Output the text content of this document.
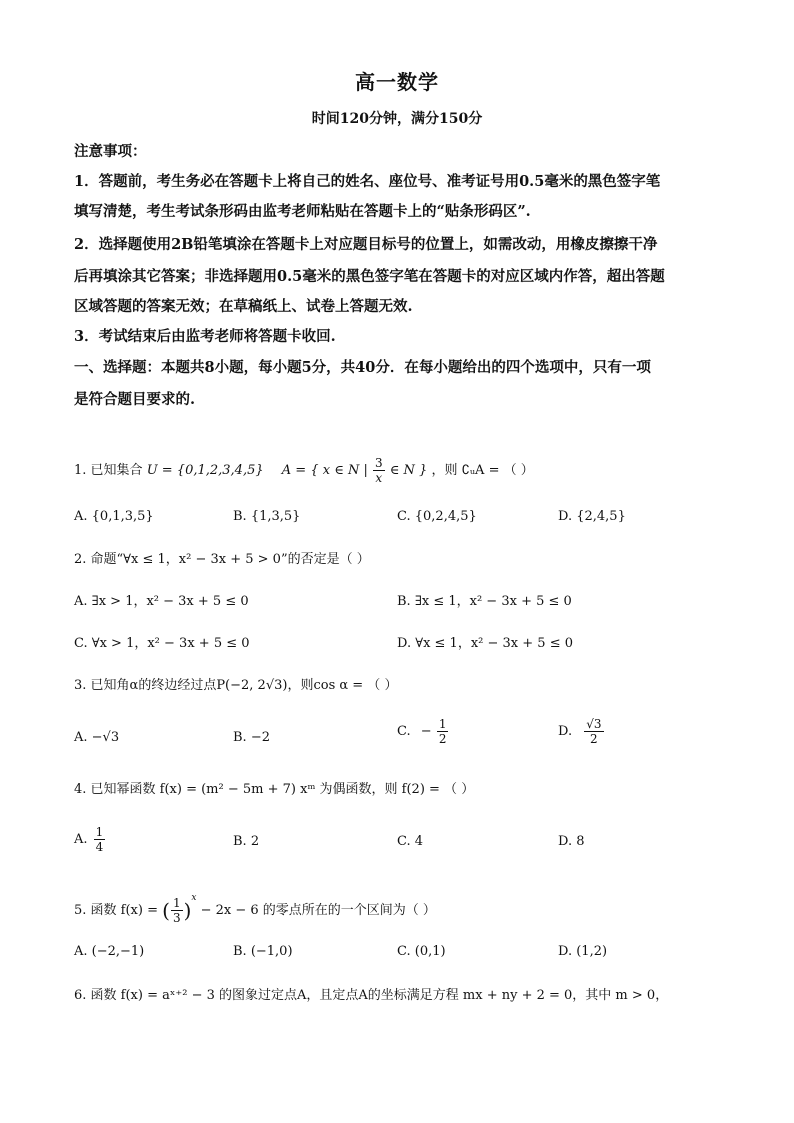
高一数学
时间120分钟，满分150分
注意事项：
1．答题前，考生务必在答题卡上将自己的姓名、座位号、准考证号用0.5毫米的黑色签字笔
填写清楚，考生考试条形码由监考老师粘贴在答题卡上的“贴条形码区”.
2．选择题使用2B铅笔填涂在答题卡上对应题目标号的位置上，如需改动，用橡皮擦擦干净
后再填涂其它答案；非选择题用0.5毫米的黑色签字笔在答题卡的对应区域内作答，超出答题
区域答题的答案无效；在草稿纸上、试卷上答题无效.
3．考试结束后由监考老师将答题卡收回.
一、选择题：本题共8小题，每小题5分，共40分．在每小题给出的四个选项中，只有一项
是符合题目要求的.
1. 已知集合 U = {0,1,2,3,4,5} A = { x ∈ N | $\frac{3}{x}$ ∈ N } ，则 ∁ᵤA = （ ）
A. {0,1,3,5}	B. {1,3,5}	C. {0,2,4,5}	D. {2,4,5}
2. 命题“∀x ≤ 1，x² − 3x + 5 > 0”的否定是（ ）
A. ∃x > 1，x² − 3x + 5 ≤ 0	B. ∃x ≤ 1，x² − 3x + 5 ≤ 0
C. ∀x > 1，x² − 3x + 5 ≤ 0	D. ∀x ≤ 1，x² − 3x + 5 ≤ 0
3. 已知角α的终边经过点P(−2, 2√3)，则cos α = （ ）
A. −√3	B. −2	C. − $\frac{1}{2}$	D. $\frac{√3}{2}$
4. 已知幂函数 f(x) = (m² − 5m + 7) xᵐ 为偶函数，则 f(2) = （ ）
A. $\frac{1}{4}$	B. 2	C. 4	D. 8
5. 函数 f(x) = ( $\frac{1}{3} )^x - 2x - 6$ 的零点所在的一个区间为（ ）
A. (−2,−1)	B. (−1,0)	C. (0,1)	D. (1,2)
6. 函数 f(x) = aˣ⁺² − 3 的图象过定点A，且定点A的坐标满足方程 mx + ny + 2 = 0，其中 m > 0，
